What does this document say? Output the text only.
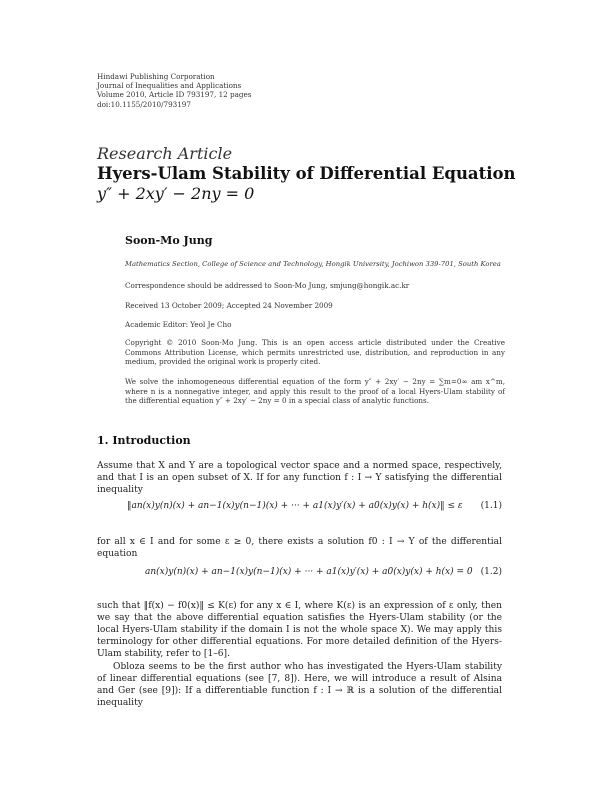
Hindawi Publishing Corporation
Journal of Inequalities and Applications
Volume 2010, Article ID 793197, 12 pages
doi:10.1155/2010/793197
Research Article
Hyers-Ulam Stability of Differential Equation
y″ + 2xy′ − 2ny = 0
Soon-Mo Jung
Mathematics Section, College of Science and Technology, Hongik University, Jochiwon 339-701, South Korea
Correspondence should be addressed to Soon-Mo Jung, smjung@hongik.ac.kr
Received 13 October 2009; Accepted 24 November 2009
Academic Editor: Yeol Je Cho
Copyright © 2010 Soon-Mo Jung. This is an open access article distributed under the Creative Commons Attribution License, which permits unrestricted use, distribution, and reproduction in any medium, provided the original work is properly cited.
We solve the inhomogeneous differential equation of the form y″ + 2xy′ − 2ny = ∑m=0∞ am x^m, where n is a nonnegative integer, and apply this result to the proof of a local Hyers-Ulam stability of the differential equation y″ + 2xy′ − 2ny = 0 in a special class of analytic functions.
1. Introduction
Assume that X and Y are a topological vector space and a normed space, respectively, and that I is an open subset of X. If for any function f : I → Y satisfying the differential inequality
‖an(x)y(n)(x) + an−1(x)y(n−1)(x) + ··· + a1(x)y′(x) + a0(x)y(x) + h(x)‖ ≤ ε (1.1)
for all x ∈ I and for some ε ≥ 0, there exists a solution f0 : I → Y of the differential equation
an(x)y(n)(x) + an−1(x)y(n−1)(x) + ··· + a1(x)y′(x) + a0(x)y(x) + h(x) = 0 (1.2)
such that ‖f(x) − f0(x)‖ ≤ K(ε) for any x ∈ I, where K(ε) is an expression of ε only, then we say that the above differential equation satisfies the Hyers-Ulam stability (or the local Hyers-Ulam stability if the domain I is not the whole space X). We may apply this terminology for other differential equations. For more detailed definition of the Hyers-Ulam stability, refer to [1–6].
Obloza seems to be the first author who has investigated the Hyers-Ulam stability of linear differential equations (see [7, 8]). Here, we will introduce a result of Alsina and Ger (see [9]): If a differentiable function f : I → ℝ is a solution of the differential inequality
